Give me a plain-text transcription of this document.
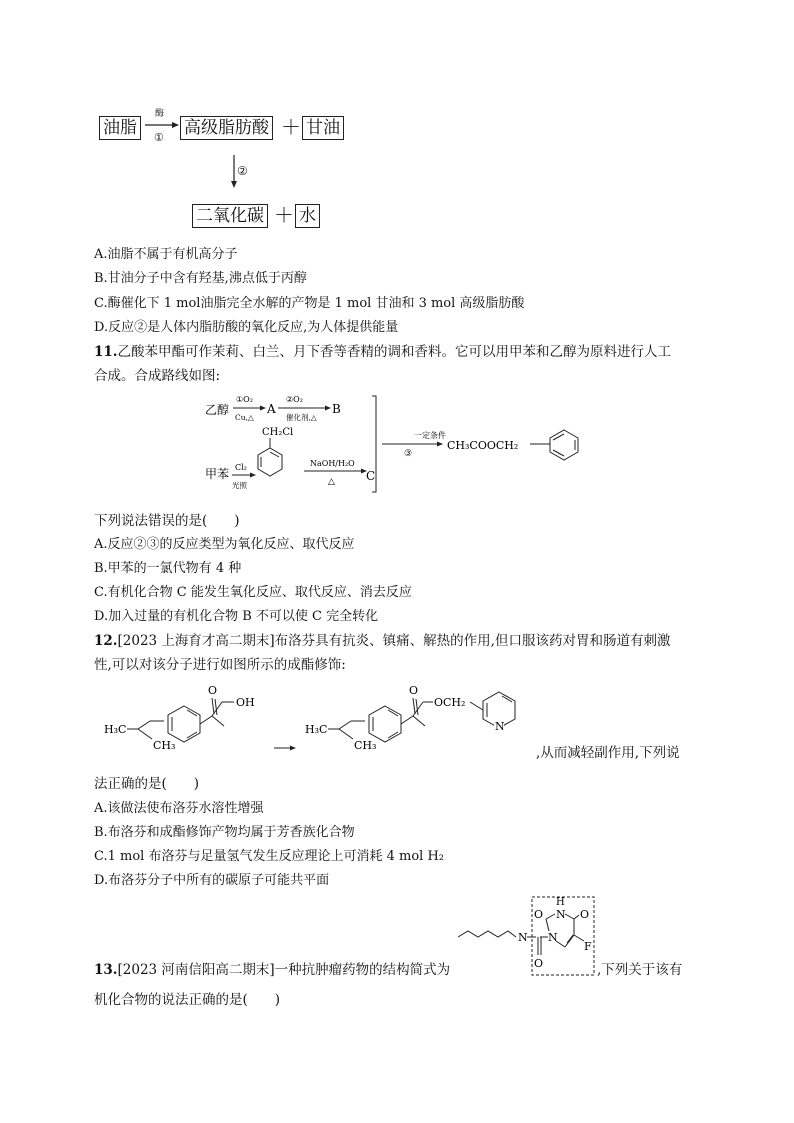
油脂
酶
① 高级脂肪酸 ＋ 甘油
②
二氧化碳 ＋ 水
A.油脂不属于有机高分子
B.甘油分子中含有羟基,沸点低于丙醇
C.酶催化下 1 mol油脂完全水解的产物是 1 mol 甘油和 3 mol 高级脂肪酸
D.反应②是人体内脂肪酸的氧化反应,为人体提供能量
11.乙酸苯甲酯可作茉莉、白兰、月下香等香精的调和香料。它可以用甲苯和乙醇为原料进行人工
合成。合成路线如图:
乙醇
①O₂
Cu,△
A
②O₂
催化剂,△
B
甲苯 Cl₂
光照
CH₂Cl
NaOH/H₂O
△	C
一定条件
③
CH₃COOCH₂
下列说法错误的是(　　)
A.反应②③的反应类型为氧化反应、取代反应
B.甲苯的一氯代物有 4 种
C.有机化合物 C 能发生氧化反应、取代反应、消去反应
D.加入过量的有机化合物 B 不可以使 C 完全转化
12.[2023 上海育才高二期末]布洛芬具有抗炎、镇痛、解热的作用,但口服该药对胃和肠道有刺激
性,可以对该分子进行如图所示的成酯修饰:
H₃C
CH₃
O
OH
H₃C
CH₃
O
OCH₂
N
,从而减轻副作用,下列说
法正确的是(　　)
A.该做法使布洛芬水溶性增强
B.布洛芬和成酯修饰产物均属于芳香族化合物
C.1 mol 布洛芬与足量氢气发生反应理论上可消耗 4 mol H₂
D.布洛芬分子中所有的碳原子可能共平面
13.[2023 河南信阳高二期末]一种抗肿瘤药物的结构简式为
N
O
N
H
N
O	O
F
,下列关于该有
机化合物的说法正确的是(　　)
